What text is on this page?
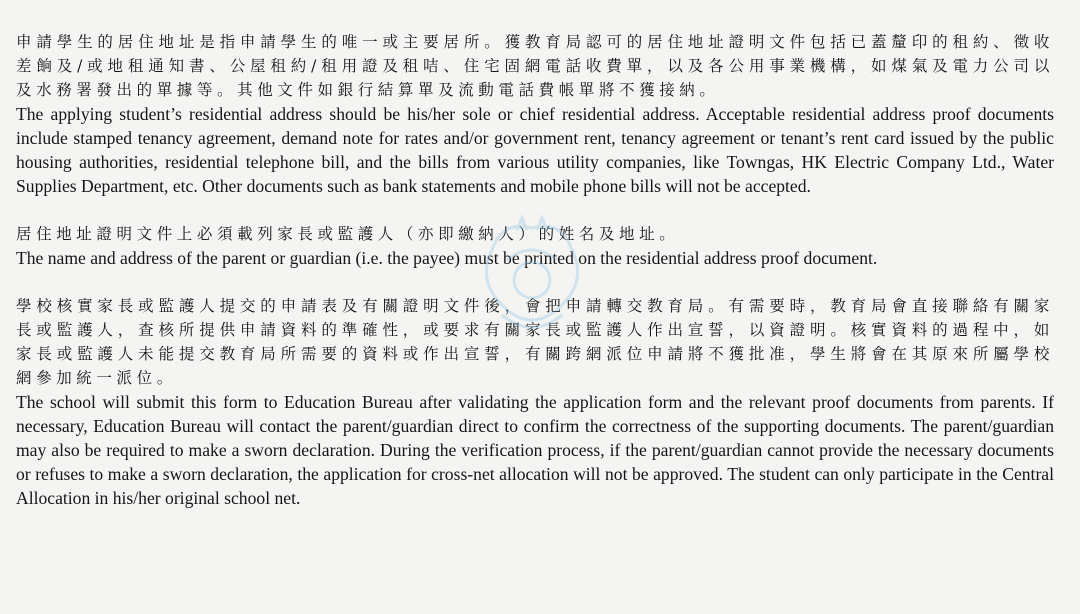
申請學生的居住地址是指申請學生的唯一或主要居所。獲教育局認可的居住地址證明文件包括已蓋釐印的租約、徵收差餉及/或地租通知書、公屋租約/租用證及租咭、住宅固網電話收費單，以及各公用事業機構，如煤氣及電力公司以及水務署發出的單據等。其他文件如銀行結算單及流動電話費帳單將不獲接納。

The applying student’s residential address should be his/her sole or chief residential address. Acceptable residential address proof documents include stamped tenancy agreement, demand note for rates and/or government rent, tenancy agreement or tenant’s rent card issued by the public housing authorities, residential telephone bill, and the bills from various utility companies, like Towngas, HK Electric Company Ltd., Water Supplies Department, etc. Other documents such as bank statements and mobile phone bills will not be accepted.

居住地址證明文件上必須載列家長或監護人（亦即繳納人）的姓名及地址。

The name and address of the parent or guardian (i.e. the payee) must be printed on the residential address proof document.

學校核實家長或監護人提交的申請表及有關證明文件後，會把申請轉交教育局。有需要時，教育局會直接聯絡有關家長或監護人，查核所提供申請資料的準確性，或要求有關家長或監護人作出宣誓，以資證明。核實資料的過程中，如家長或監護人未能提交教育局所需要的資料或作出宣誓，有關跨網派位申請將不獲批准，學生將會在其原來所屬學校網參加統一派位。

The school will submit this form to Education Bureau after validating the application form and the relevant proof documents from parents. If necessary, Education Bureau will contact the parent/guardian direct to confirm the correctness of the supporting documents. The parent/guardian may also be required to make a sworn declaration. During the verification process, if the parent/guardian cannot provide the necessary documents or refuses to make a sworn declaration, the application for cross-net allocation will not be approved. The student can only participate in the Central Allocation in his/her original school net.
